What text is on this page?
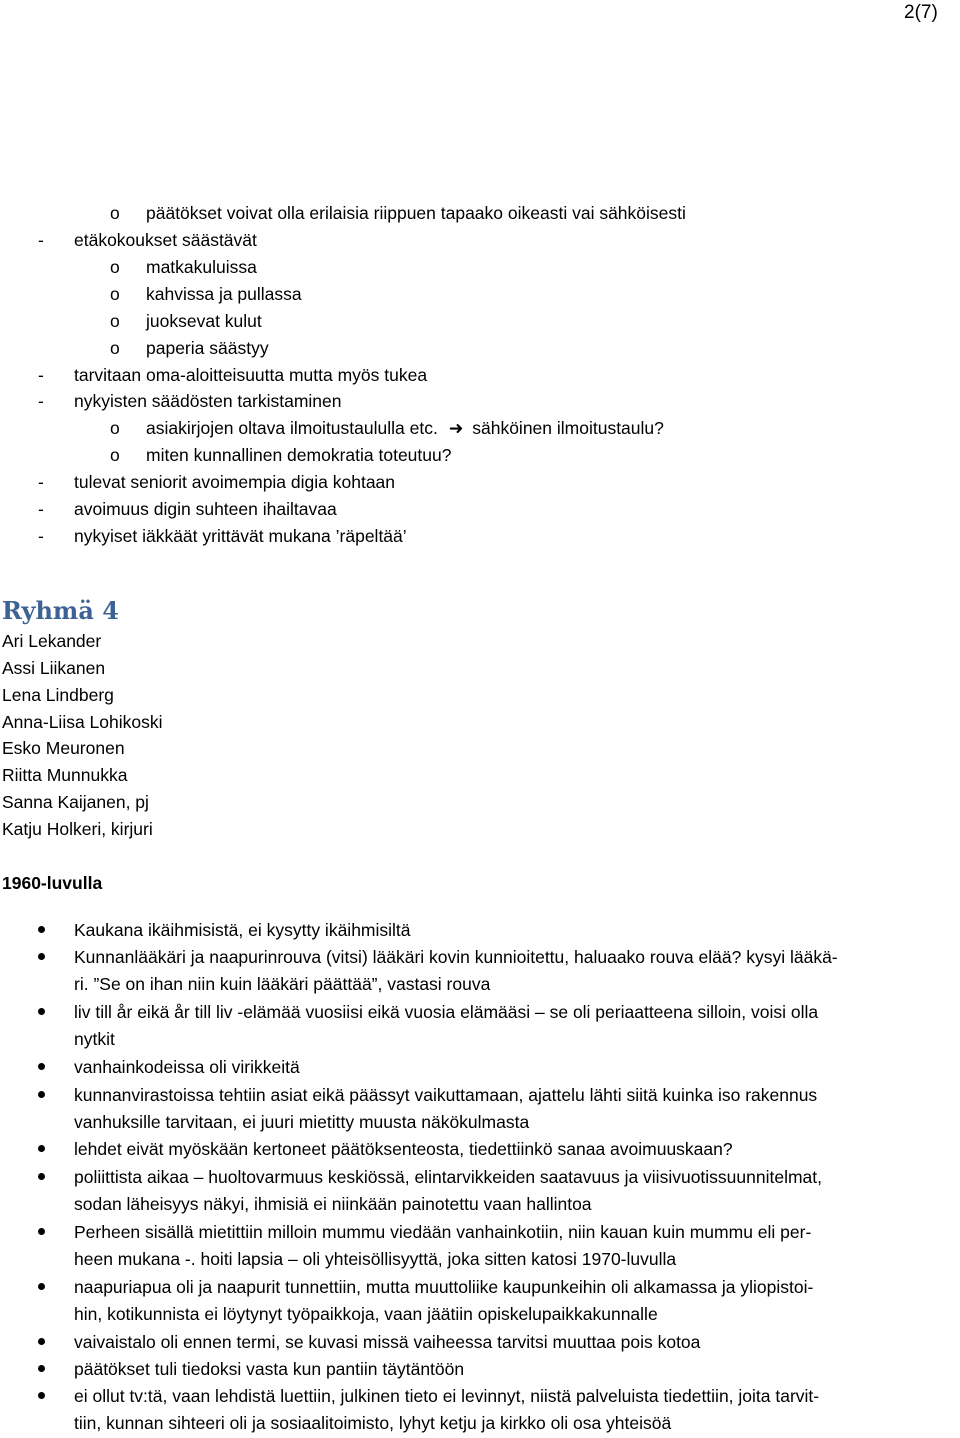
2(7)
o päätökset voivat olla erilaisia riippuen tapaako oikeasti vai sähköisesti
- etäkokoukset säästävät
o matkakuluissa
o kahvissa ja pullassa
o juoksevat kulut
o paperia säästyy
- tarvitaan oma-aloitteisuutta mutta myös tukea
- nykyisten säädösten tarkistaminen
o asiakirjojen oltava ilmoitustaululla etc. ➜ sähköinen ilmoitustaulu?
o miten kunnallinen demokratia toteutuu?
- tulevat seniorit avoimempia digia kohtaan
- avoimuus digin suhteen ihailtavaa
- nykyiset iäkkäät yrittävät mukana ’räpeltää’
Ryhmä 4
Ari Lekander
Assi Liikanen
Lena Lindberg
Anna-Liisa Lohikoski
Esko Meuronen
Riitta Munnukka
Sanna Kaijanen, pj
Katju Holkeri, kirjuri
1960-luvulla
Kaukana ikäihmisistä, ei kysytty ikäihmisiltä
Kunnanlääkäri ja naapurinrouva (vitsi) lääkäri kovin kunnioitettu, haluaako rouva elää? kysyi lääkä-
ri. ”Se on ihan niin kuin lääkäri päättää”, vastasi rouva
liv till år eikä år till liv -elämää vuosiisi eikä vuosia elämääsi – se oli periaatteena silloin, voisi olla
nytkit
vanhainkodeissa oli virikkeitä
kunnanvirastoissa tehtiin asiat eikä päässyt vaikuttamaan, ajattelu lähti siitä kuinka iso rakennus
vanhuksille tarvitaan, ei juuri mietitty muusta näkökulmasta
lehdet eivät myöskään kertoneet päätöksenteosta, tiedettiinkö sanaa avoimuuskaan?
poliittista aikaa – huoltovarmuus keskiössä, elintarvikkeiden saatavuus ja viisivuotissuunnitelmat,
sodan läheisyys näkyi, ihmisiä ei niinkään painotettu vaan hallintoa
Perheen sisällä mietittiin milloin mummu viedään vanhainkotiin, niin kauan kuin mummu eli per-
heen mukana -. hoiti lapsia – oli yhteisöllisyyttä, joka sitten katosi 1970-luvulla
naapuriapua oli ja naapurit tunnettiin, mutta muuttoliike kaupunkeihin oli alkamassa ja yliopistoi-
hin, kotikunnista ei löytynyt työpaikkoja, vaan jäätiin opiskelupaikkakunnalle
vaivaistalo oli ennen termi, se kuvasi missä vaiheessa tarvitsi muuttaa pois kotoa
päätökset tuli tiedoksi vasta kun pantiin täytäntöön
ei ollut tv:tä, vaan lehdistä luettiin, julkinen tieto ei levinnyt, niistä palveluista tiedettiin, joita tarvit-
tiin, kunnan sihteeri oli ja sosiaalitoimisto, lyhyt ketju ja kirkko oli osa yhteisöä
